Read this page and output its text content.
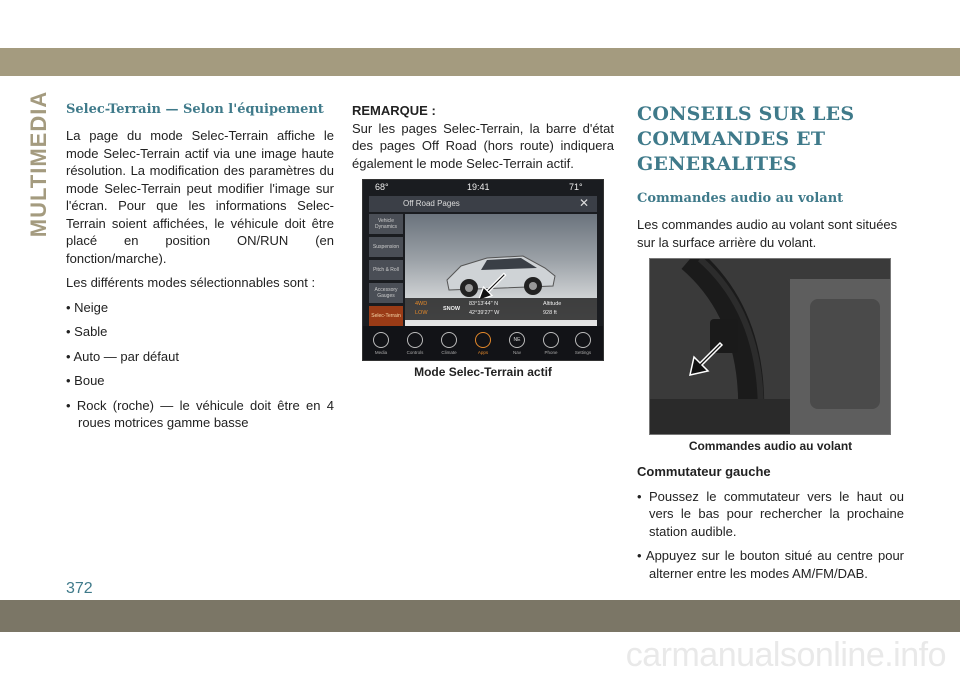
MULTIMEDIA Selec-Terrain — Selon l'équipement

La page du mode Selec-Terrain affiche le mode Selec-Terrain actif via une image haute résolution. La modification des paramètres du mode Selec-Terrain peut modifier l'image sur l'écran. Pour que les informations Selec-Terrain soient affichées, le véhicule doit être placé en position ON/RUN (en fonction/marche).

Les différents modes sélectionnables sont :

• Neige

• Sable

• Auto — par défaut

• Boue

• Rock (roche) — le véhicule doit être en 4 roues motrices gamme basse

REMARQUE :

Sur les pages Selec-Terrain, la barre d'état des pages Off Road (hors route) indiquera également le mode Selec-Terrain actif.

68°	19:41	71°
Off Road Pages	✕
Vehicle Dynamics
Suspension
Pitch & Roll
Accessory Gauges
Selec-Terrain
4WD
LOW
SNOW
83°13'44" N
42°39'27" W
Altitude
928 ft
Media	Controls	Climate	Apps
NE
Nav	Phone	Settings
Mode Selec-Terrain actif
CONSEILS SUR LES COMMANDES ET GENERALITES
Commandes audio au volant

Les commandes audio au volant sont situées sur la surface arrière du volant.

Commandes audio au volant

Commutateur gauche

• Poussez le commutateur vers le haut ou vers le bas pour rechercher la prochaine station audible.

• Appuyez sur le bouton situé au centre pour alterner entre les modes AM/FM/DAB.

372
carmanualsonline.info
